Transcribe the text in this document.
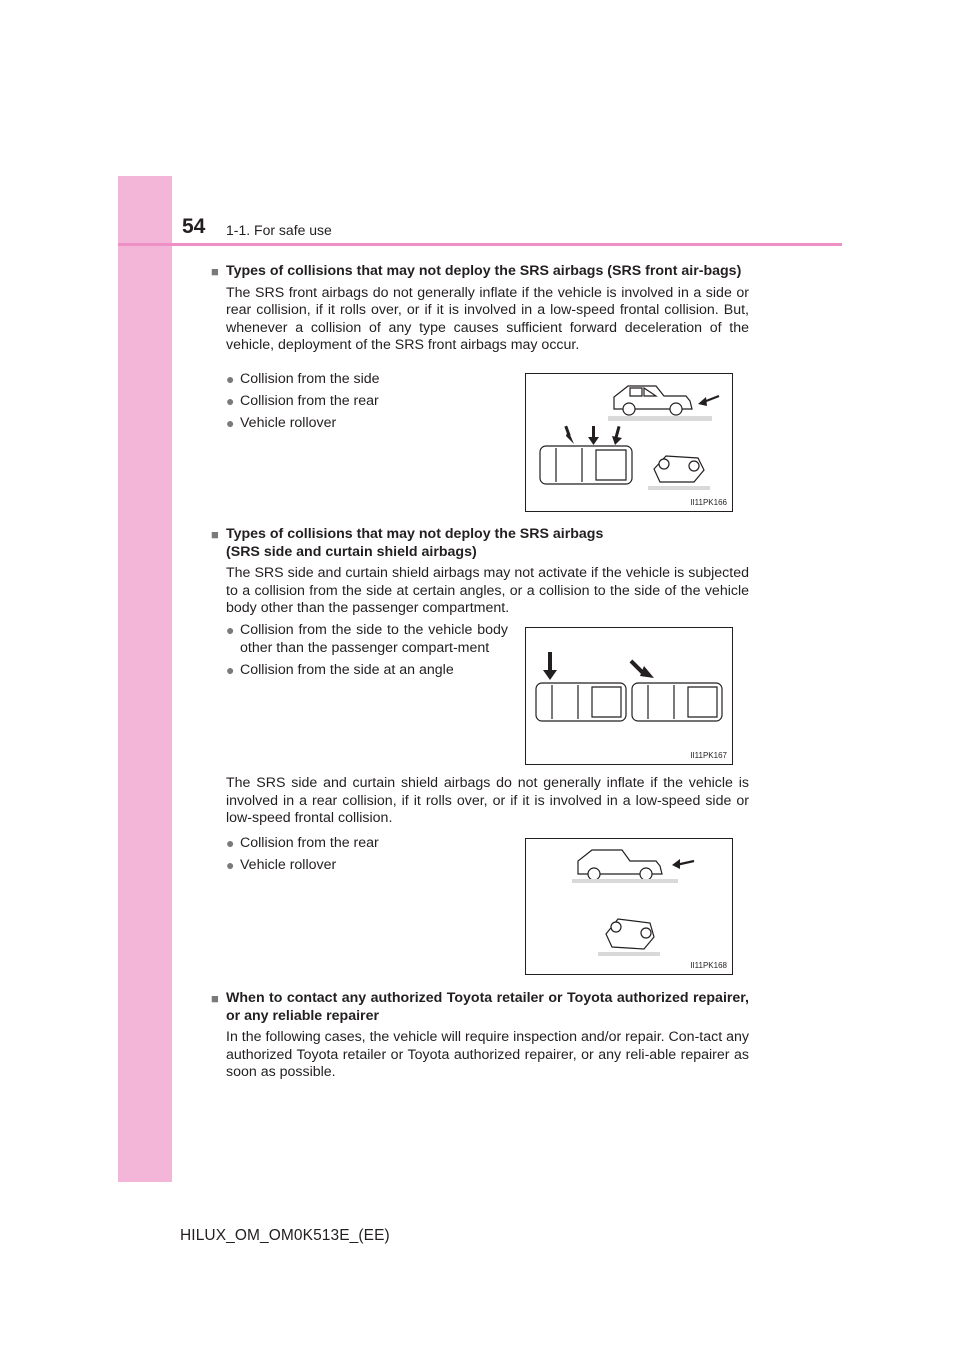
54 1-1. For safe use
■ Types of collisions that may not deploy the SRS airbags (SRS front air-bags)
The SRS front airbags do not generally inflate if the vehicle is involved in a side or rear collision, if it rolls over, or if it is involved in a low-speed frontal collision. But, whenever a collision of any type causes sufficient forward deceleration of the vehicle, deployment of the SRS front airbags may occur.
● Collision from the side
● Collision from the rear
● Vehicle rollover
II11PK166
■ Types of collisions that may not deploy the SRS airbags
(SRS side and curtain shield airbags)
The SRS side and curtain shield airbags may not activate if the vehicle is subjected to a collision from the side at certain angles, or a collision to the side of the vehicle body other than the passenger compartment.
● Collision from the side to the vehicle body other than the passenger compart-ment
● Collision from the side at an angle
II11PK167
The SRS side and curtain shield airbags do not generally inflate if the vehicle is involved in a rear collision, if it rolls over, or if it is involved in a low-speed side or low-speed frontal collision.
● Collision from the rear
● Vehicle rollover
II11PK168
■ When to contact any authorized Toyota retailer or Toyota authorized repairer, or any reliable repairer
In the following cases, the vehicle will require inspection and/or repair. Con-tact any authorized Toyota retailer or Toyota authorized repairer, or any reli-able repairer as soon as possible.
HILUX_OM_OM0K513E_(EE)
